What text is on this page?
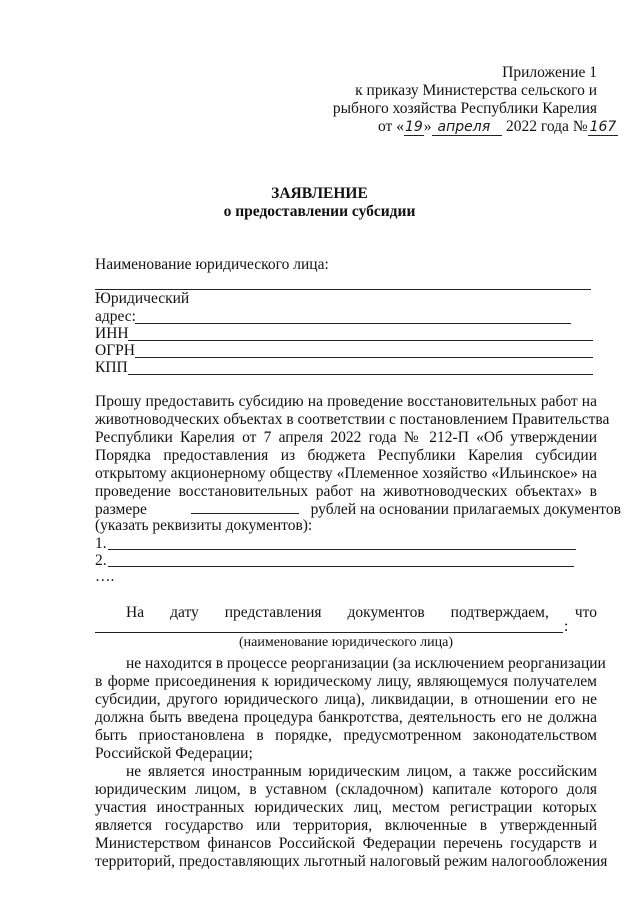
Приложение 1
к приказу Министерства сельского и
рыбного хозяйства Республики Карелия
от «19» апреля 2022 года № 167
ЗАЯВЛЕНИЕ
о предоставлении субсидии
Наименование юридического лица:
Юридический
адрес:
ИНН
ОГРН
КПП
Прошу предоставить субсидию на проведение восстановительных работ на
животноводческих объектах в соответствии с постановлением Правительства
Республики Карелия от 7 апреля 2022 года № 212-П «Об утверждении
Порядка предоставления из бюджета Республики Карелия субсидии
открытому акционерному обществу «Племенное хозяйство «Ильинское» на
проведение восстановительных работ на животноводческих объектах» в
размере	рублей на основании прилагаемых документов
(указать реквизиты документов):
1.
2.
….
На дату представления документов подтверждаем, что
:
(наименование юридического лица)
не находится в процессе реорганизации (за исключением реорганизации
в форме присоединения к юридическому лицу, являющемуся получателем
субсидии, другого юридического лица), ликвидации, в отношении его не
должна быть введена процедура банкротства, деятельность его не должна
быть приостановлена в порядке, предусмотренном законодательством
Российской Федерации;
не является иностранным юридическим лицом, а также российским
юридическим лицом, в уставном (складочном) капитале которого доля
участия иностранных юридических лиц, местом регистрации которых
является государство или территория, включенные в утвержденный
Министерством финансов Российской Федерации перечень государств и
территорий, предоставляющих льготный налоговый режим налогообложения
